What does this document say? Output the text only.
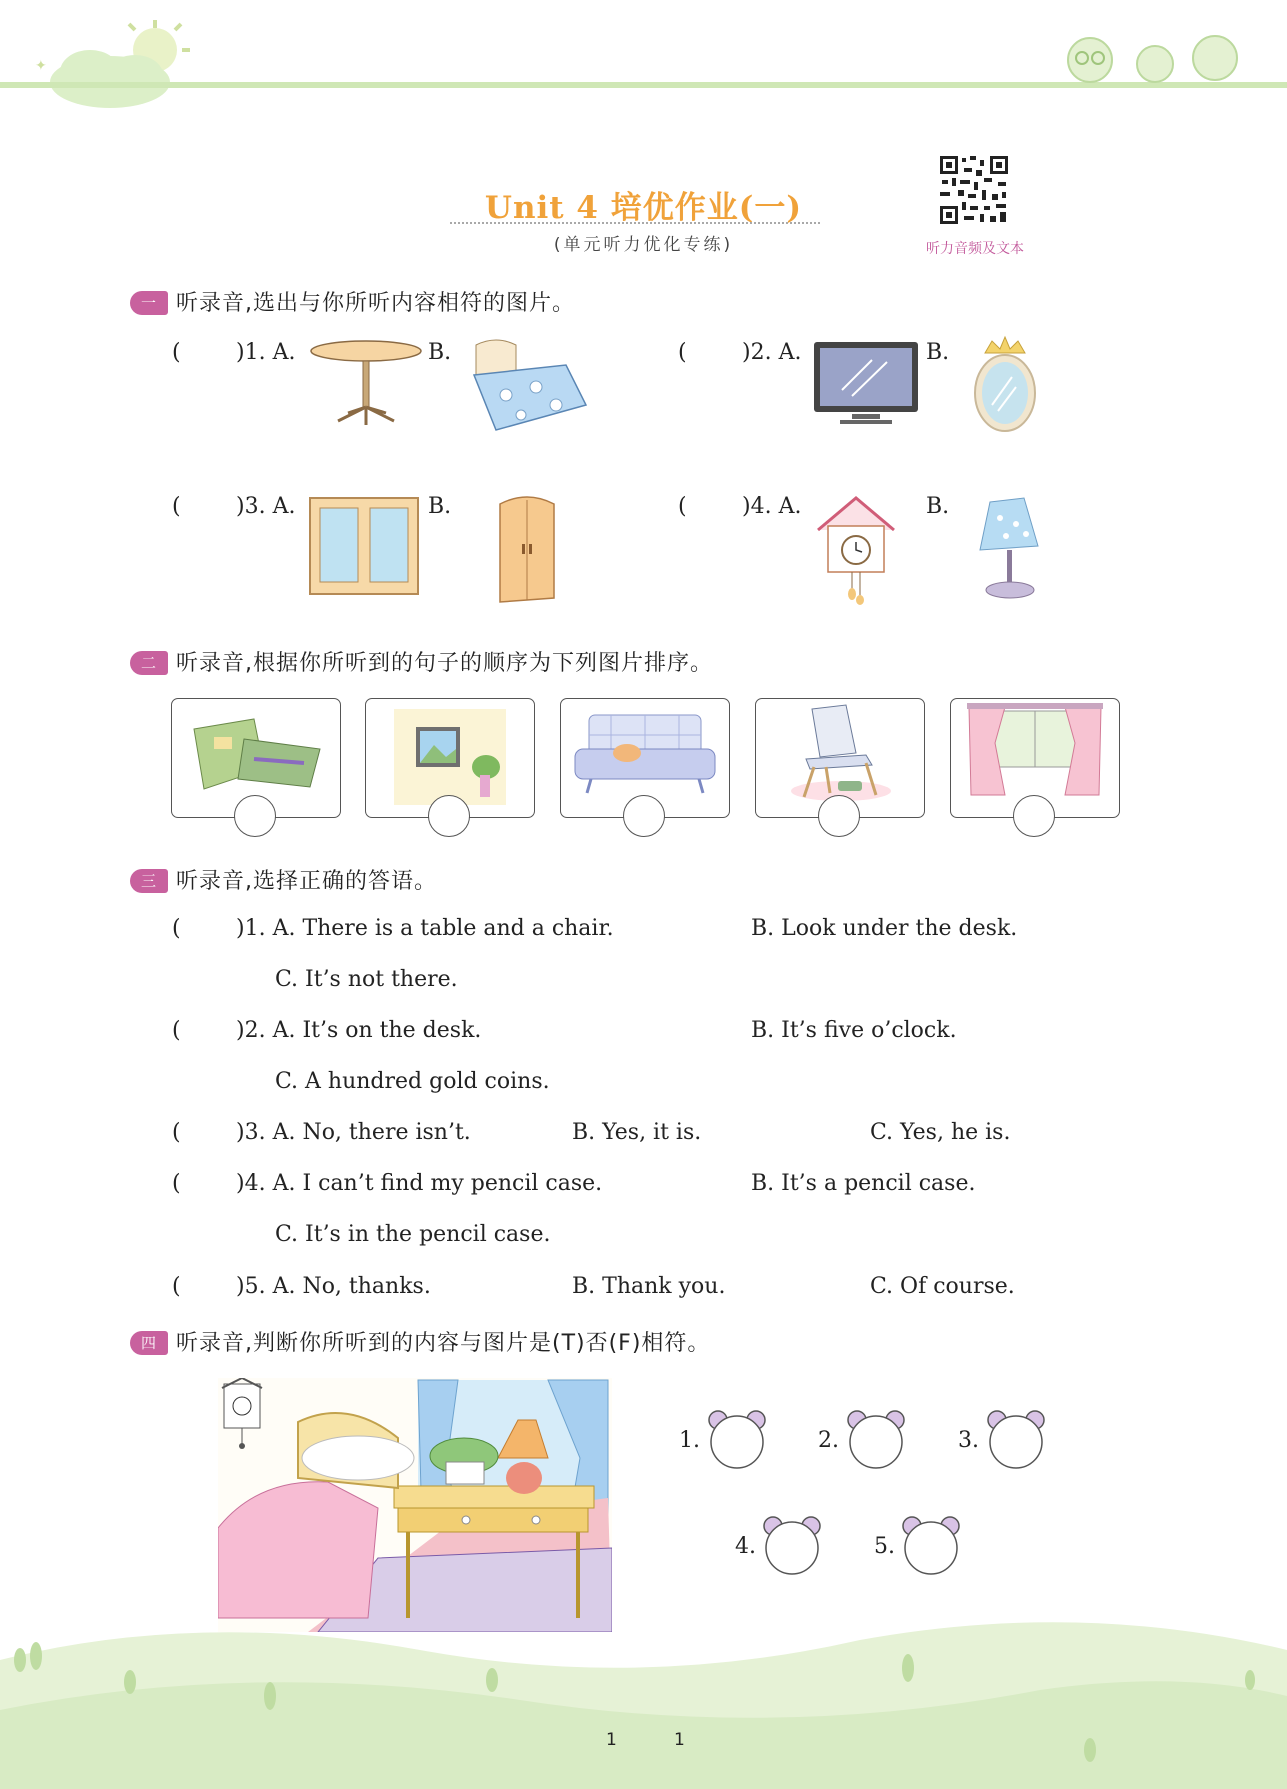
✦
Unit 4 培优作业(一)
(单元听力优化专练)	听力音频及文本
一 听录音,选出与你所听内容相符的图片。
(	)1. A.	B.	(	)2. A.	B.
(	)3. A.	B.	(	)4. A.	B.
二 听录音,根据你所听到的句子的顺序为下列图片排序。
三 听录音,选择正确的答语。
(	)1. A. There is a table and a chair.	B. Look under the desk.
C. It’s not there.
(	)2. A. It’s on the desk.	B. It’s five o’clock.
C. A hundred gold coins.
(	)3. A. No, there isn’t.	B. Yes, it is.	C. Yes, he is.
(	)4. A. I can’t find my pencil case.	B. It’s a pencil case.
C. It’s in the pencil case.
(	)5. A. No, thanks.	B. Thank you.	C. Of course.
四 听录音,判断你所听到的内容与图片是(T)否(F)相符。
1.	2.	3.
4.	5.
1	1
